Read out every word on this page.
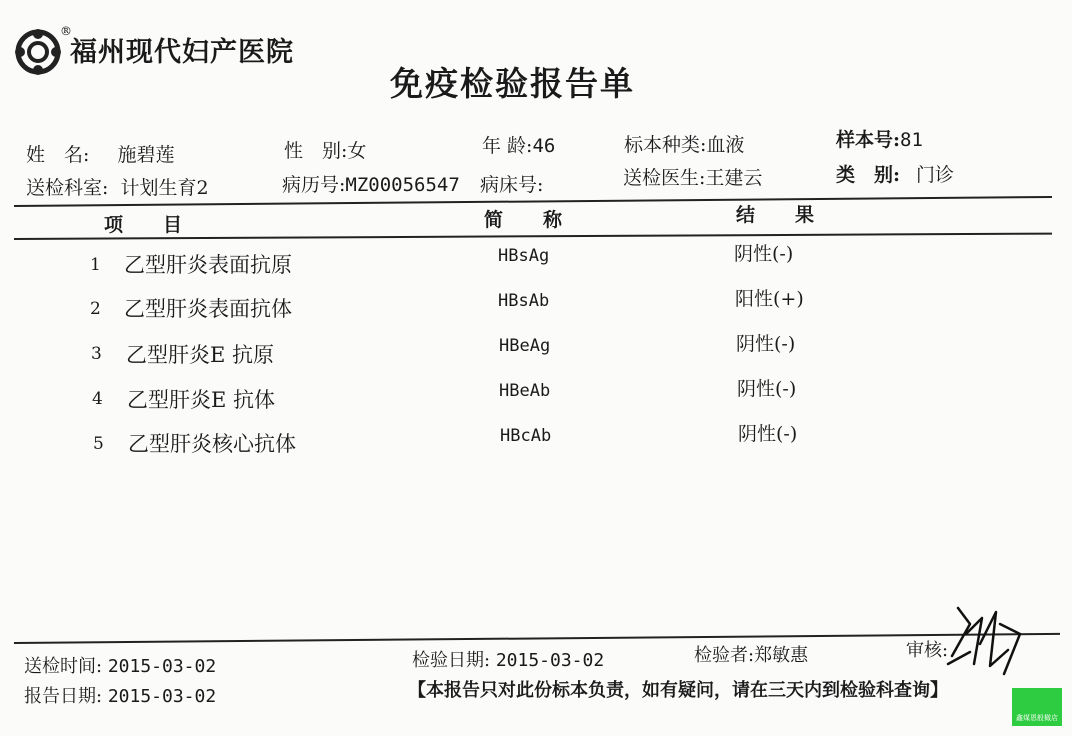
®
福州现代妇产医院
免疫检验报告单
姓　名: 施碧莲	性　别:女	年 龄:46	标本种类:血液	样本号:81
送检科室: 计划生育2	病历号:MZ00056547 病床号:	送检医生:王建云	类　别: 门诊
项目	简称	结果
1 乙型肝炎表面抗原	HBsAg	阴性(-)
2 乙型肝炎表面抗体	HBsAb	阳性(+)
3 乙型肝炎E 抗原	HBeAg	阴性(-)
4 乙型肝炎E 抗体	HBeAb	阴性(-)
5 乙型肝炎核心抗体	HBcAb	阴性(-)
送检时间: 2015-03-02	检验日期: 2015-03-02	检验者:郑敏惠	审核:
报告日期: 2015-03-02	【本报告只对此份标本负责，如有疑问，请在三天内到检验科查询】
鑫煤恩般橄店
